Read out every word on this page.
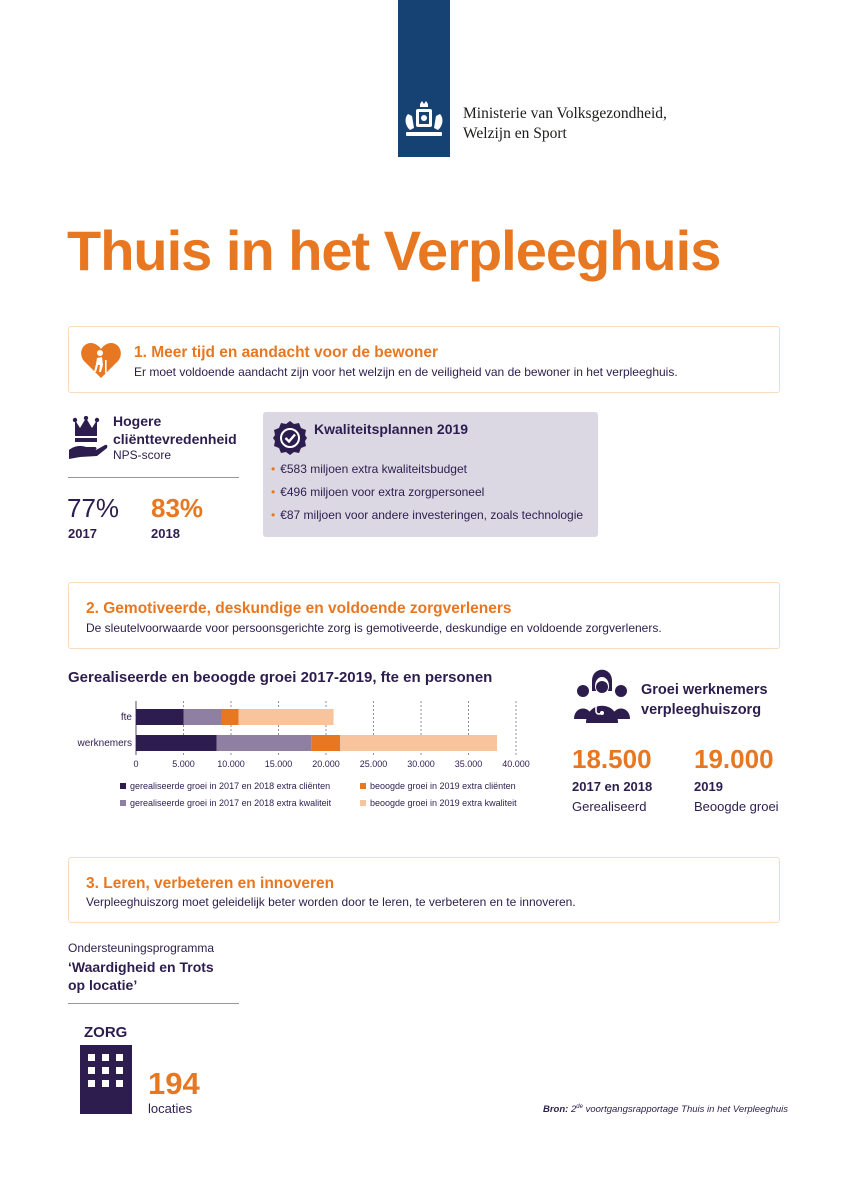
Ministerie van Volksgezondheid,
Welzijn en Sport
Thuis in het Verpleeghuis
1. Meer tijd en aandacht voor de bewoner

Er moet voldoende aandacht zijn voor het welzijn en de veiligheid van de bewoner in het verpleeghuis.

Hogere
cliënttevredenheid
NPS-score
77%
2017
83%
2018
Kwaliteitsplannen 2019
• €583 miljoen extra kwaliteitsbudget
• €496 miljoen voor extra zorgpersoneel
• €87 miljoen voor andere investeringen, zoals technologie
2. Gemotiveerde, deskundige en voldoende zorgverleners

De sleutelvoorwaarde voor persoonsgerichte zorg is gemotiveerde, deskundige en voldoende zorgverleners.

Gerealiseerde en beoogde groei 2017-2019, fte en personen
0	5.000 10.000 15.000 20.000 25.000 30.000 35.000 40.000
fte
werknemers
gerealiseerde groei in 2017 en 2018 extra cliënten
gerealiseerde groei in 2017 en 2018 extra kwaliteit
beoogde groei in 2019 extra cliënten
beoogde groei in 2019 extra kwaliteit
Groei werknemers
verpleeghuiszorg
18.500
2017 en 2018
Gerealiseerd
19.000
2019
Beoogde groei
3. Leren, verbeteren en innoveren

Verpleeghuiszorg moet geleidelijk beter worden door te leren, te verbeteren en te innoveren.

Ondersteuningsprogramma
‘Waardigheid en Trots
op locatie’
ZORG
194
locaties	Bron: 2de voortgangsrapportage Thuis in het Verpleeghuis
